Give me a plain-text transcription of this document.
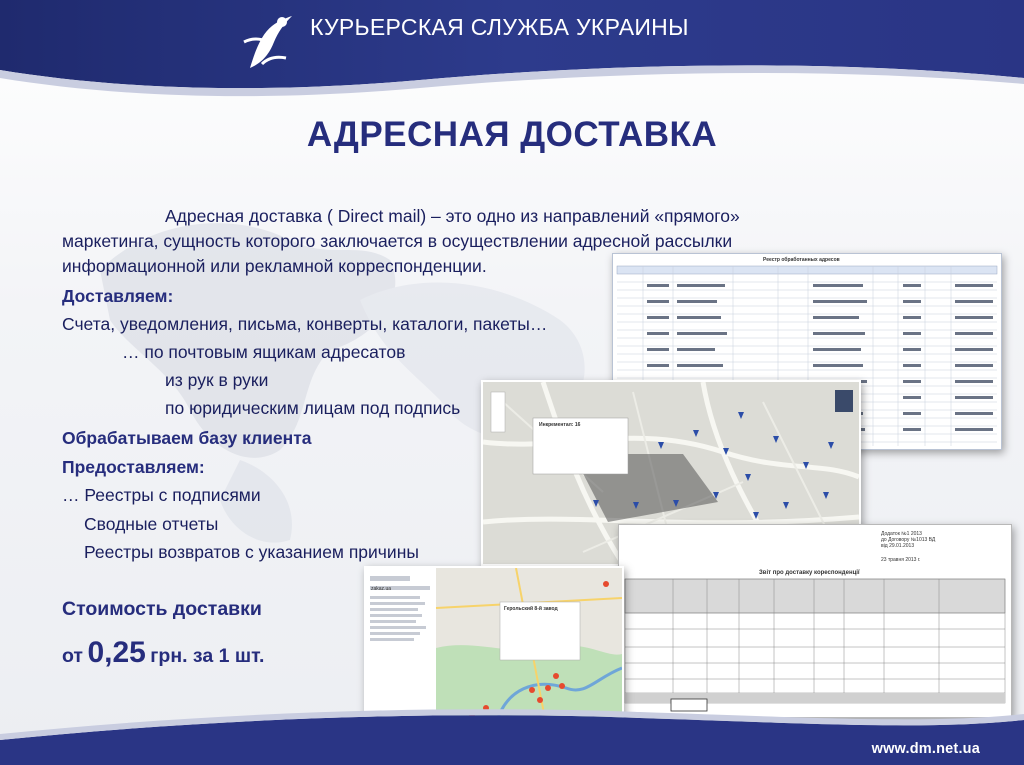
КУРЬЕРСКАЯ СЛУЖБА УКРАИНЫ
АДРЕСНАЯ ДОСТАВКА
Адресная доставка ( Direct mail) – это одно из направлений «прямого»
маркетинга, сущность которого заключается в осуществлении адресной рассылки
информационной или рекламной корреспонденции.
Доставляем:
Счета, уведомления, письма, конверты, каталоги, пакеты…
… по почтовым ящикам адресатов
из рук в руки
по юридическим лицам под подпись
Обрабатываем базу клиента
Предоставляем:
… Реестры с подписями
Сводные отчеты
Реестры возвратов с указанием причины
Стоимость доставки
от 0,25 грн. за 1 шт.
Реестр обработанных адресов
Инкрементал: 16
Додаток №1 2013
до Договору №1013 ВД
від 29.01.2013
23 травня 2013 г.
Звіт про доставку кореспонденції
zakaz.ua
Герольский 8-й завод
www.dm.net.ua
